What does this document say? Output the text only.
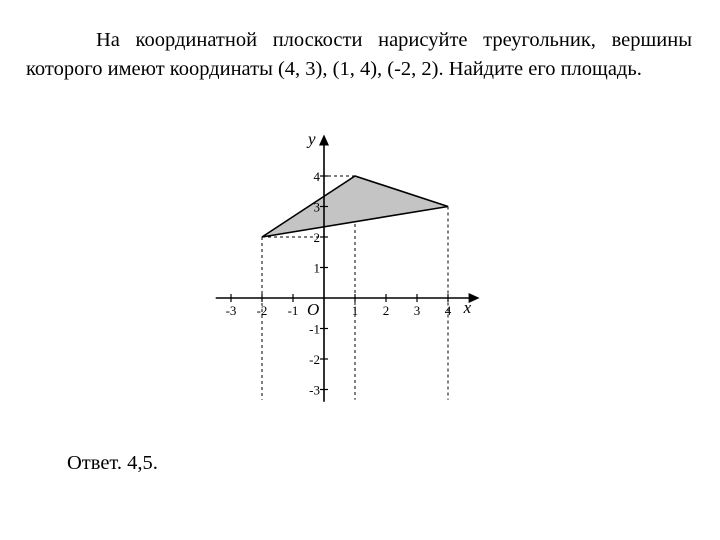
На координатной плоскости нарисуйте треугольник, вершины которого имеют координаты (4, 3), (1, 4), (-2, 2). Найдите его площадь.

-3 -2 -1	1 2 3 4
4
3
2
1
-1
-2
-3
x
y
O

Ответ. 4,5.
